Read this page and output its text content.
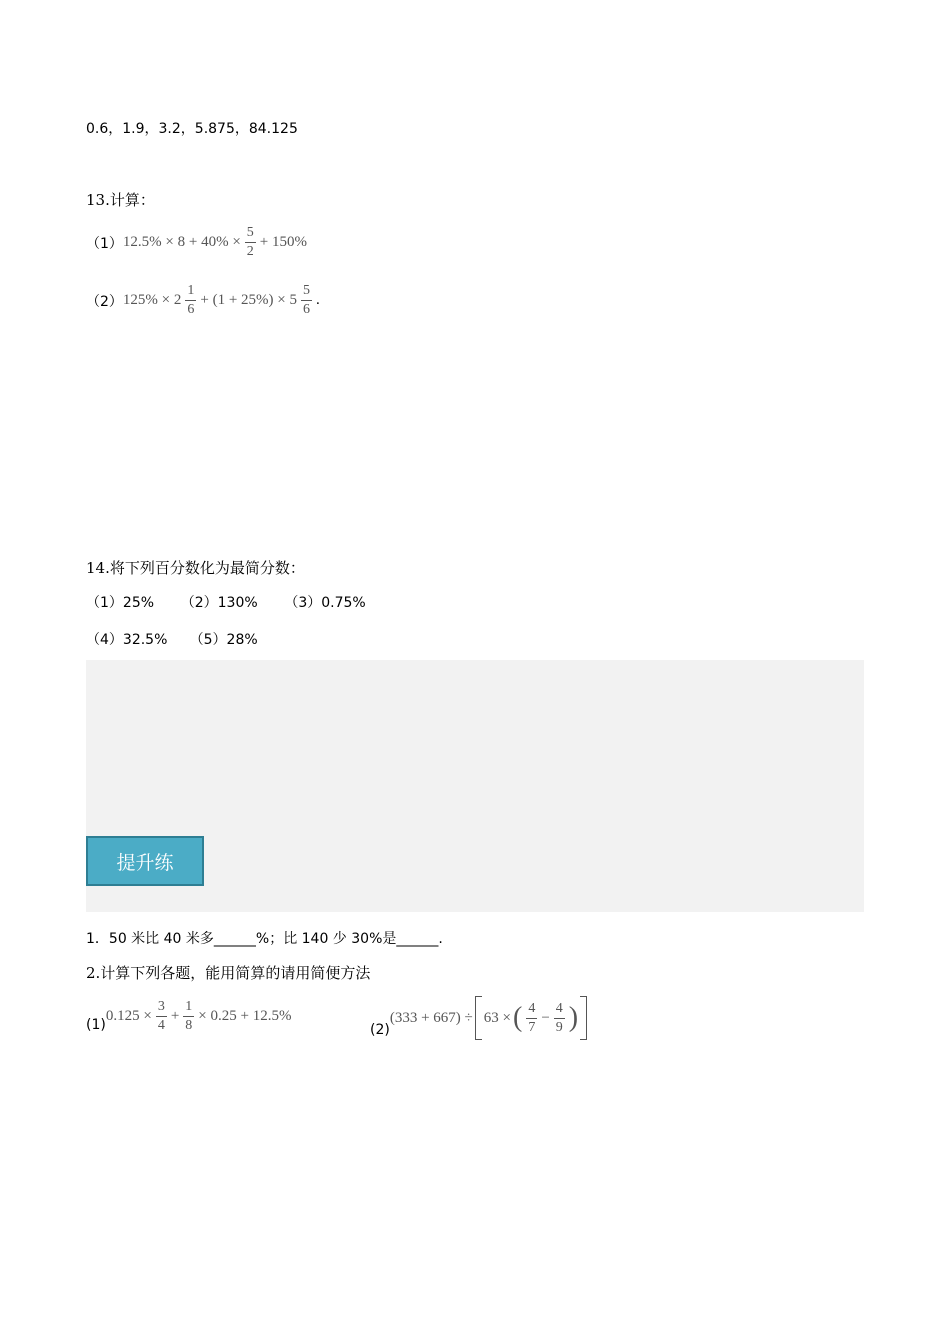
0.6，1.9，3.2，5.875，84.125
13.计算：
（1） $12.5\% \times 8 + 40\% \times \frac{5}{2} + 150\%$
（2） $125\% \times 2 \frac{1}{6} + (1 + 25\%) \times 5 \frac{5}{6}$ .
14.将下列百分数化为最简分数：
（1）25%      （2）130%      （3）0.75%
（4）32.5%     （5）28%
提升练
1．50 米比 40 米多______%；比 140 少 30%是______.
2.计算下列各题，能用简算的请用简便方法
(1)
$0.125 \times \frac{3}{4} + \frac{1}{8} \times 0.25 + 12.5\%$
(2)
(333 + 667) ÷ 63 × ( $\frac{4}{7} - \frac{4}{9}$ )
